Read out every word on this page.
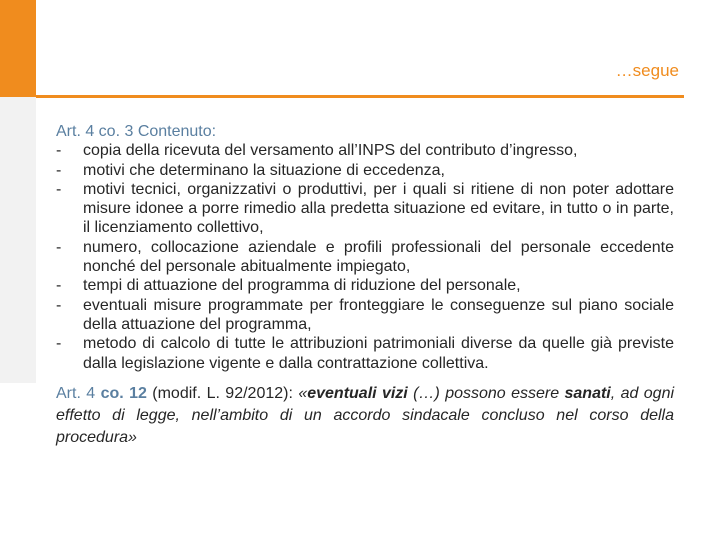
…segue
Art. 4 co. 3 Contenuto:
- copia della ricevuta del versamento all’INPS del contributo d’ingresso,
- motivi che determinano la situazione di eccedenza,
- motivi tecnici, organizzativi o produttivi, per i quali si ritiene di non poter adottare misure idonee a porre rimedio alla predetta situazione ed evitare, in tutto o in parte, il licenziamento collettivo,
- numero, collocazione aziendale e profili professionali del personale eccedente nonché del personale abitualmente impiegato,
- tempi di attuazione del programma di riduzione del personale,
- eventuali misure programmate per fronteggiare le conseguenze sul piano sociale della attuazione del programma,
- metodo di calcolo di tutte le attribuzioni patrimoniali diverse da quelle già previste dalla legislazione vigente e dalla contrattazione collettiva.
Art. 4 co. 12 (modif. L. 92/2012): «eventuali vizi (…) possono essere sanati, ad ogni effetto di legge, nell’ambito di un accordo sindacale concluso nel corso della procedura»
